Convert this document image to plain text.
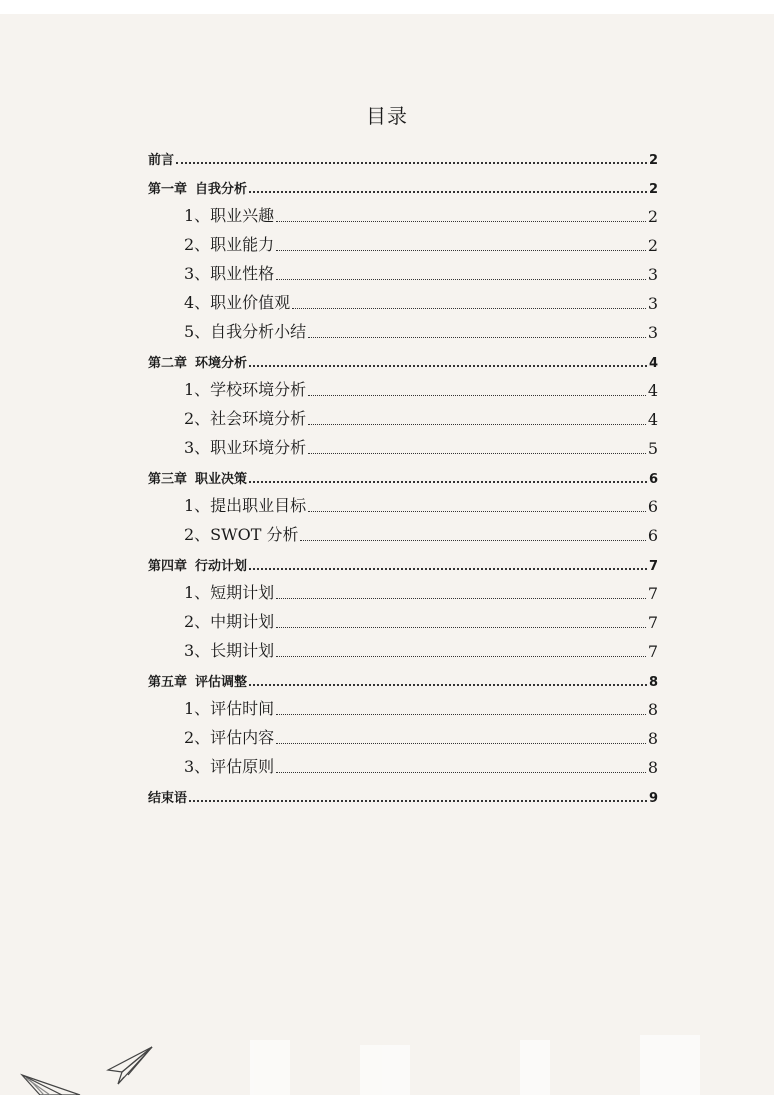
目录
前言	2
第一章 自我分析	2
1、职业兴趣	2
2、职业能力	2
3、职业性格	3
4、职业价值观	3
5、自我分析小结	3
第二章 环境分析	4
1、学校环境分析	4
2、社会环境分析	4
3、职业环境分析	5
第三章 职业决策	6
1、提出职业目标	6
2、SWOT 分析	6
第四章 行动计划	7
1、短期计划	7
2、中期计划	7
3、长期计划	7
第五章 评估调整	8
1、评估时间	8
2、评估内容	8
3、评估原则	8
结束语	9
